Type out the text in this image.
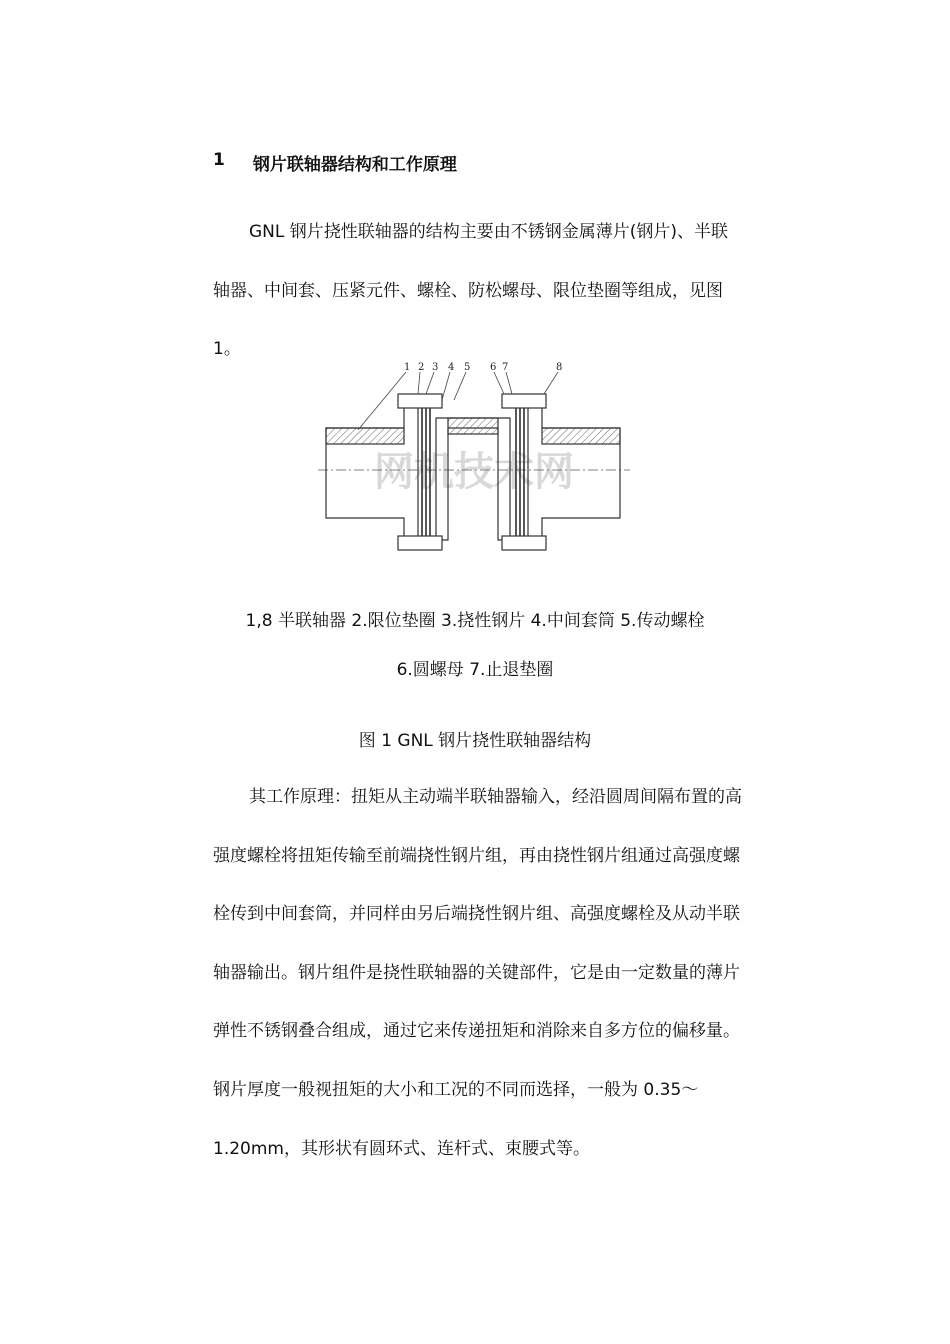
1 钢片联轴器结构和工作原理

GNL 钢片挠性联轴器的结构主要由不锈钢金属薄片(钢片)、半联轴器、中间套、压紧元件、螺栓、防松螺母、限位垫圈等组成，见图 1。

网机技术网
1 2 3 4 5 6 7	8
1,8 半联轴器 2.限位垫圈 3.挠性钢片 4.中间套筒 5.传动螺栓
6.圆螺母 7.止退垫圈
图 1 GNL 钢片挠性联轴器结构

其工作原理：扭矩从主动端半联轴器输入，经沿圆周间隔布置的高强度螺栓将扭矩传输至前端挠性钢片组，再由挠性钢片组通过高强度螺栓传到中间套筒，并同样由另后端挠性钢片组、高强度螺栓及从动半联轴器输出。钢片组件是挠性联轴器的关键部件，它是由一定数量的薄片弹性不锈钢叠合组成，通过它来传递扭矩和消除来自多方位的偏移量。钢片厚度一般视扭矩的大小和工况的不同而选择，一般为 0.35～1.20mm，其形状有圆环式、连杆式、束腰式等。
